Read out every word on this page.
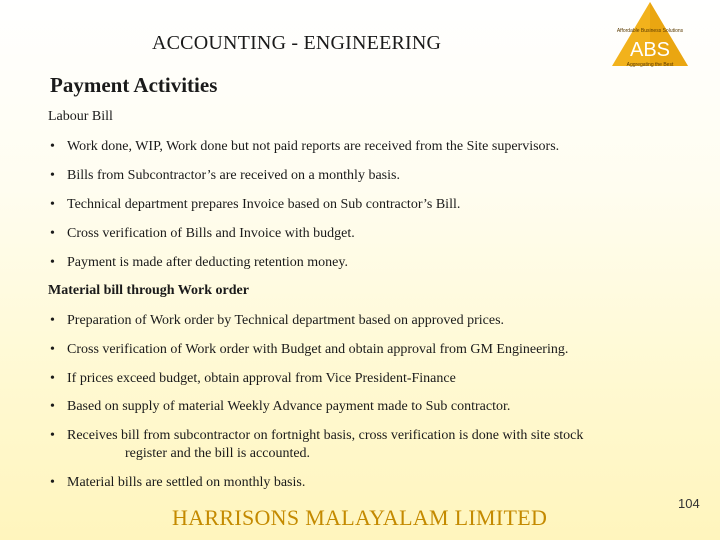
ACCOUNTING - ENGINEERING
Affordable Business Solutions
ABS
Aggregating the Best
Payment Activities
Labour Bill
• Work done, WIP, Work done but not paid reports are received from the Site supervisors.
• Bills from Subcontractor’s are received on a monthly basis.
• Technical department prepares Invoice based on Sub contractor’s Bill.
• Cross verification of Bills and Invoice with budget.
• Payment is made after deducting retention money.
Material bill through Work order
• Preparation of Work order by Technical department based on approved prices.
• Cross verification of Work order with Budget and obtain approval from GM Engineering.
• If prices exceed budget, obtain approval from Vice President-Finance
• Based on supply of material Weekly Advance payment made to Sub contractor.
• Receives bill from subcontractor on fortnight basis, cross verification is done with site stock
register and the bill is accounted.
• Material bills are settled on monthly basis.
HARRISONS MALAYALAM LIMITED
104
